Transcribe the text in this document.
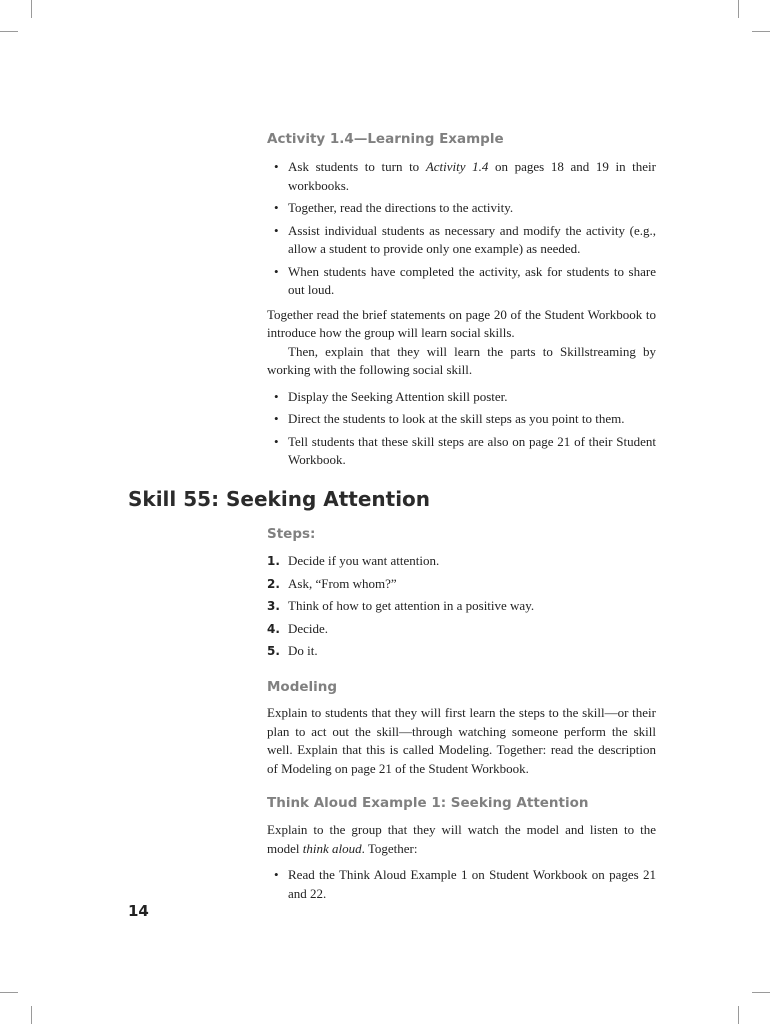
Activity 1.4—Learning Example
• Ask students to turn to Activity 1.4 on pages 18 and 19 in their workbooks.
• Together, read the directions to the activity.
• Assist individual students as necessary and modify the activity (e.g., allow a student to provide only one example) as needed.
• When students have completed the activity, ask for students to share out loud.

Together read the brief statements on page 20 of the Student Workbook to introduce how the group will learn social skills.

Then, explain that they will learn the parts to Skillstreaming by working with the following social skill.

• Display the Seeking Attention skill poster.
• Direct the students to look at the skill steps as you point to them.
• Tell students that these skill steps are also on page 21 of their Student Workbook.
Skill 55: Seeking Attention
Steps:
1. Decide if you want attention.
2. Ask, “From whom?”
3. Think of how to get attention in a positive way.
4. Decide.
5. Do it.
Modeling

Explain to students that they will first learn the steps to the skill—or their plan to act out the skill—through watching someone perform the skill well. Explain that this is called Modeling. Together: read the description of Modeling on page 21 of the Student Workbook.

Think Aloud Example 1: Seeking Attention

Explain to the group that they will watch the model and listen to the model think aloud. Together:

• Read the Think Aloud Example 1 on Student Workbook on pages 21 and 22.
14
